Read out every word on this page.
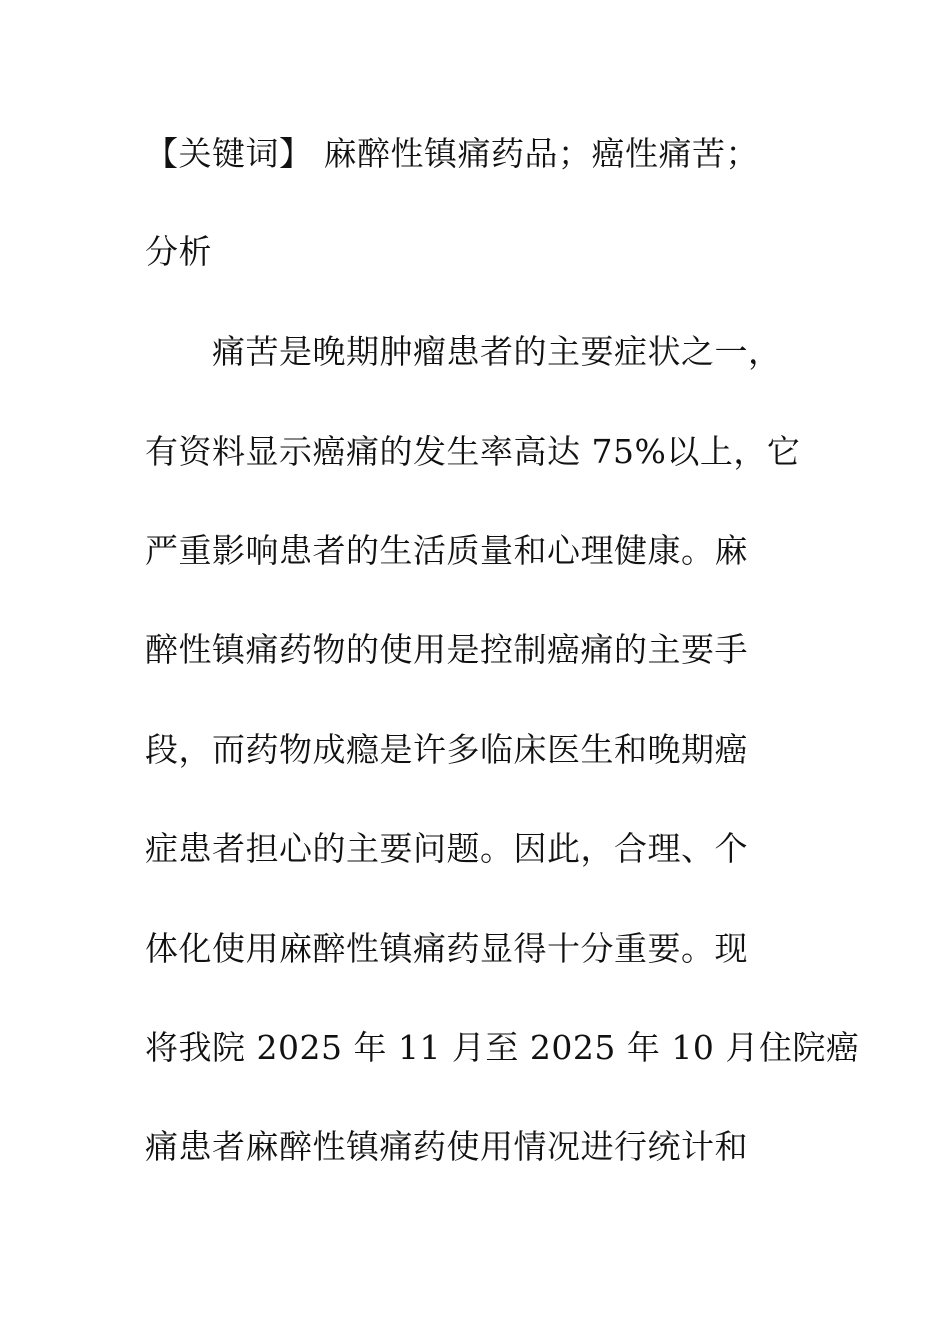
【关键词】 麻醉性镇痛药品；癌性痛苦；
分析
痛苦是晚期肿瘤患者的主要症状之一，
有资料显示癌痛的发生率高达 75%以上，它
严重影响患者的生活质量和心理健康。麻
醉性镇痛药物的使用是控制癌痛的主要手
段，而药物成瘾是许多临床医生和晚期癌
症患者担心的主要问题。因此，合理、个
体化使用麻醉性镇痛药显得十分重要。现
将我院 2025 年 11 月至 2025 年 10 月住院癌
痛患者麻醉性镇痛药使用情况进行统计和
